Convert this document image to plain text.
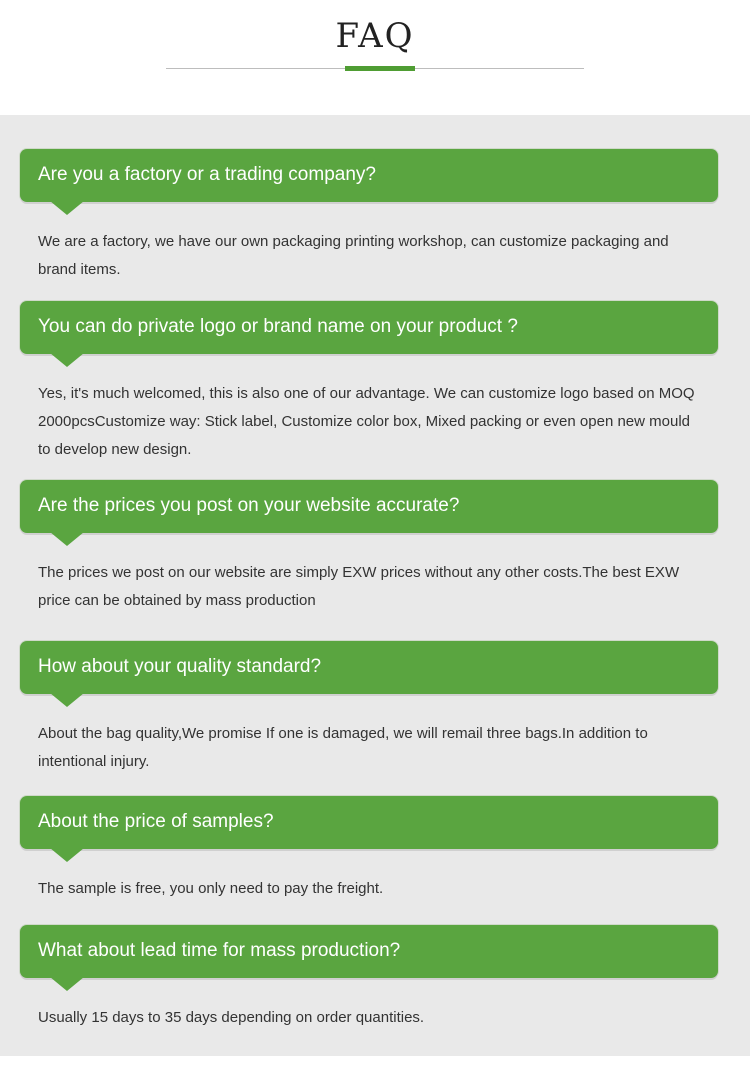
FAQ
Are you a factory or a trading company?

We are a factory, we have our own packaging printing workshop, can customize packaging and brand items.

You can do private logo or brand name on your product ?

Yes, it's much welcomed, this is also one of our advantage. We can customize logo based on MOQ 2000pcsCustomize way: Stick label, Customize color box, Mixed packing or even open new mould to develop new design.

Are the prices you post on your website accurate?

The prices we post on our website are simply EXW prices without any other costs.The best EXW price can be obtained by mass production

How about your quality standard?

About the bag quality,We promise If one is damaged, we will remail three bags.In addition to intentional injury.

About the price of samples?

The sample is free, you only need to pay the freight.

What about lead time for mass production?

Usually 15 days to 35 days depending on order quantities.
